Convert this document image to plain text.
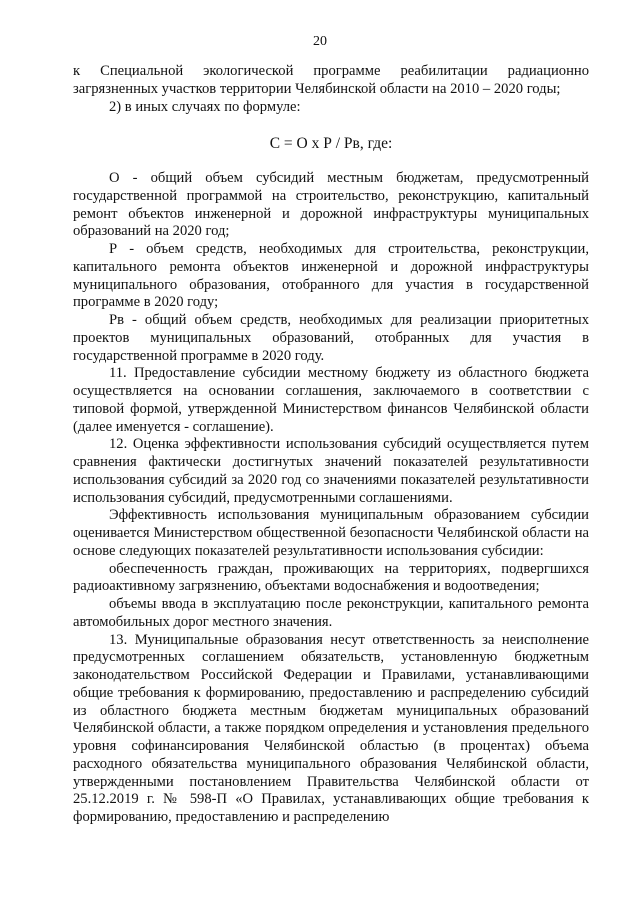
20

к Специальной экологической программе реабилитации радиационно загрязненных участков территории Челябинской области на 2010 – 2020 годы;

2) в иных случаях по формуле:

С = О х Р / Рв, где:

О - общий объем субсидий местным бюджетам, предусмотренный государственной программой на строительство, реконструкцию, капитальный ремонт объектов инженерной и дорожной инфраструктуры муниципальных образований на 2020 год;

Р - объем средств, необходимых для строительства, реконструкции, капитального ремонта объектов инженерной и дорожной инфраструктуры муниципального образования, отобранного для участия в государственной программе в 2020 году;

Рв - общий объем средств, необходимых для реализации приоритетных проектов муниципальных образований, отобранных для участия в государственной программе в 2020 году.

11. Предоставление субсидии местному бюджету из областного бюджета осуществляется на основании соглашения, заключаемого в соответствии с типовой формой, утвержденной Министерством финансов Челябинской области (далее именуется - соглашение).

12. Оценка эффективности использования субсидий осуществляется путем сравнения фактически достигнутых значений показателей результативности использования субсидий за 2020 год со значениями показателей результативности использования субсидий, предусмотренными соглашениями.

Эффективность использования муниципальным образованием субсидии оценивается Министерством общественной безопасности Челябинской области на основе следующих показателей результативности использования субсидии:

обеспеченность граждан, проживающих на территориях, подвергшихся радиоактивному загрязнению, объектами водоснабжения и водоотведения;

объемы ввода в эксплуатацию после реконструкции, капитального ремонта автомобильных дорог местного значения.

13. Муниципальные образования несут ответственность за неисполнение предусмотренных соглашением обязательств, установленную бюджетным законодательством Российской Федерации и Правилами, устанавливающими общие требования к формированию, предоставлению и распределению субсидий из областного бюджета местным бюджетам муниципальных образований Челябинской области, а также порядком определения и установления предельного уровня софинансирования Челябинской областью (в процентах) объема расходного обязательства муниципального образования Челябинской области, утвержденными постановлением Правительства Челябинской области от 25.12.2019 г. № 598-П «О Правилах, устанавливающих общие требования к формированию, предоставлению и распределению
